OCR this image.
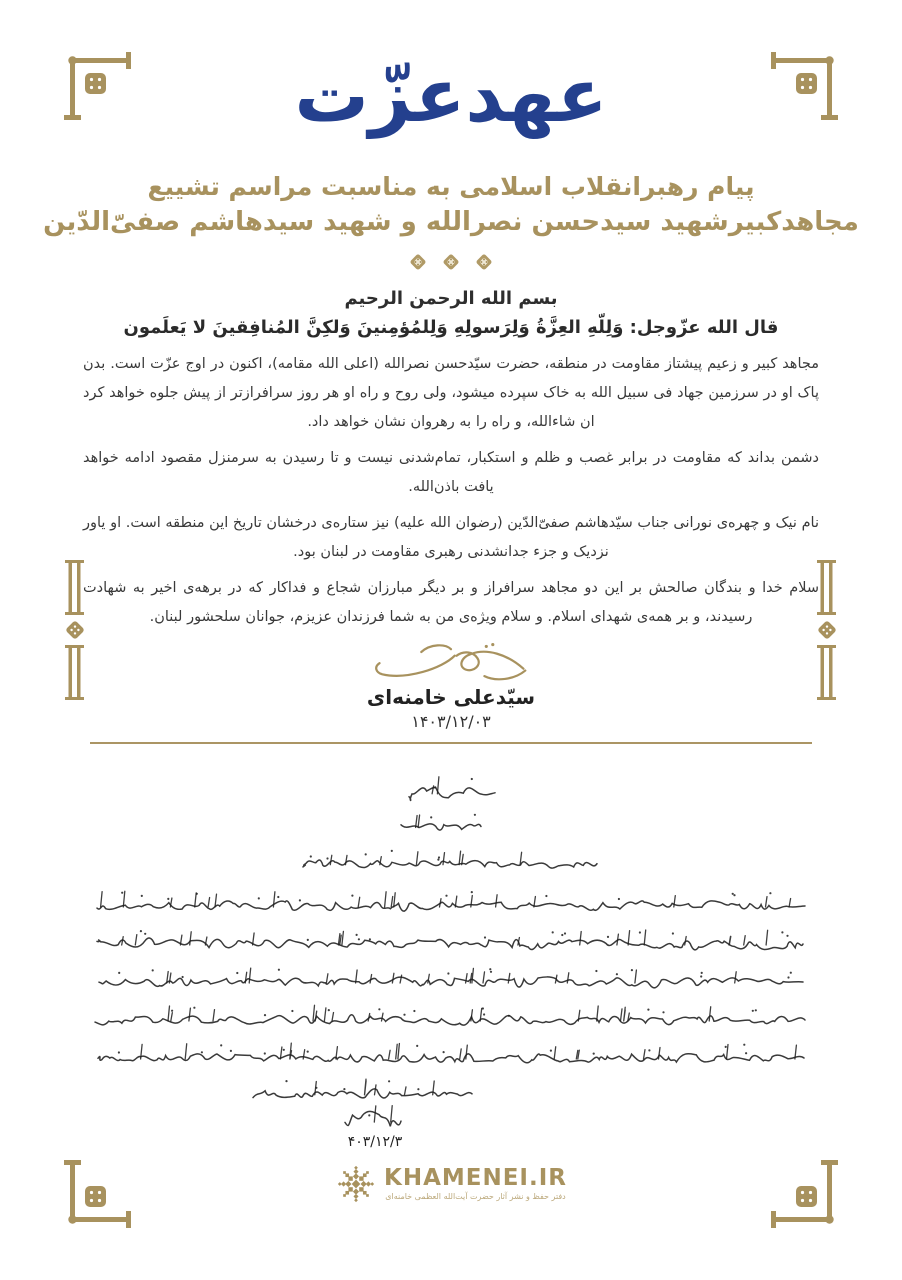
عهدعزّت
پیام رهبرانقلاب اسلامی به مناسبت مراسم تشییع
مجاهدکبیرشهید سیدحسن نصرالله و شهید سیدهاشم صفیّ‌الدّین
بسم الله الرحمن الرحیم
قال الله عزّوجل: وَلِلّهِ العِزَّةُ وَلِرَسولِهِ وَلِلمُؤمِنينَ وَلكِنَّ المُنافِقينَ لا يَعلَمون

مجاهد کبیر و زعیم پیشتاز مقاومت در منطقه، حضرت سیّدحسن نصرالله (اعلی الله مقامه)، اکنون در اوج عزّت است. بدن پاک او در سرزمین جهاد فی سبیل الله به خاک سپرده میشود، ولی روح و راه او هر روز سرافرازتر از پیش جلوه خواهد کرد ان شاءالله، و راه را به رهروان نشان خواهد داد.

دشمن بداند که مقاومت در برابر غصب و ظلم و استکبار، تمام‌شدنی نیست و تا رسیدن به سرمنزل مقصود ادامه خواهد یافت باذن‌الله.

نام نیک و چهره‌ی نورانی جناب سیّدهاشم صفیّ‌الدّین (رضوان الله علیه) نیز ستاره‌ی درخشان تاریخ این منطقه است. او یاور نزدیک و جزء جدانشدنی رهبری مقاومت در لبنان بود.

سلام خدا و بندگان صالحش بر این دو مجاهد سرافراز و بر دیگر مبارزان شجاع و فداکار که در برهه‌ی اخیر به شهادت رسیدند، و بر همه‌ی شهدای اسلام. و سلام ویژه‌ی من به شما فرزندان عزیزم، جوانان سلحشور لبنان.

سیّدعلی خامنه‌ای
۱۴۰۳/۱۲/۰۳
۴۰۳/۱۲/۳
KHAMENEI.IR
دفتر حفظ و نشر آثار حضرت آیت‌الله العظمی خامنه‌ای
